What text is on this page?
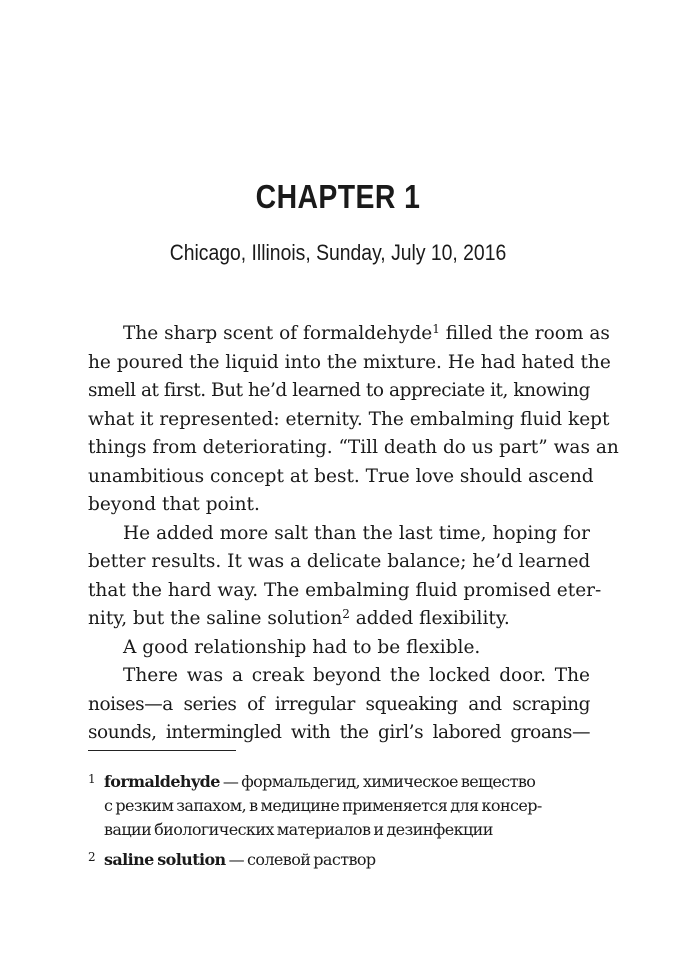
CHAPTER 1
Chicago, Illinois, Sunday, July 10, 2016
The sharp scent of formaldehyde$^1$ filled the room as
he poured the liquid into the mixture. He had hated the
smell at first. But he’d learned to appreciate it, knowing
what it represented: eternity. The embalming fluid kept
things from deteriorating. “Till death do us part” was an
unambitious concept at best. True love should ascend
beyond that point.
He added more salt than the last time, hoping for
better results. It was a delicate balance; he’d learned
that the hard way. The embalming fluid promised eter-
nity, but the saline solution$^2$ added flexibility.
A good relationship had to be flexible.
There was a creak beyond the locked door. The
noises—a series of irregular squeaking and scraping
sounds, intermingled with the girl’s labored groans—
1 formaldehyde — формальдегид, химическое вещество
с резким запахом, в медицине применяется для консер-
вации биологических материалов и дезинфекции
2 saline solution — солевой раствор
